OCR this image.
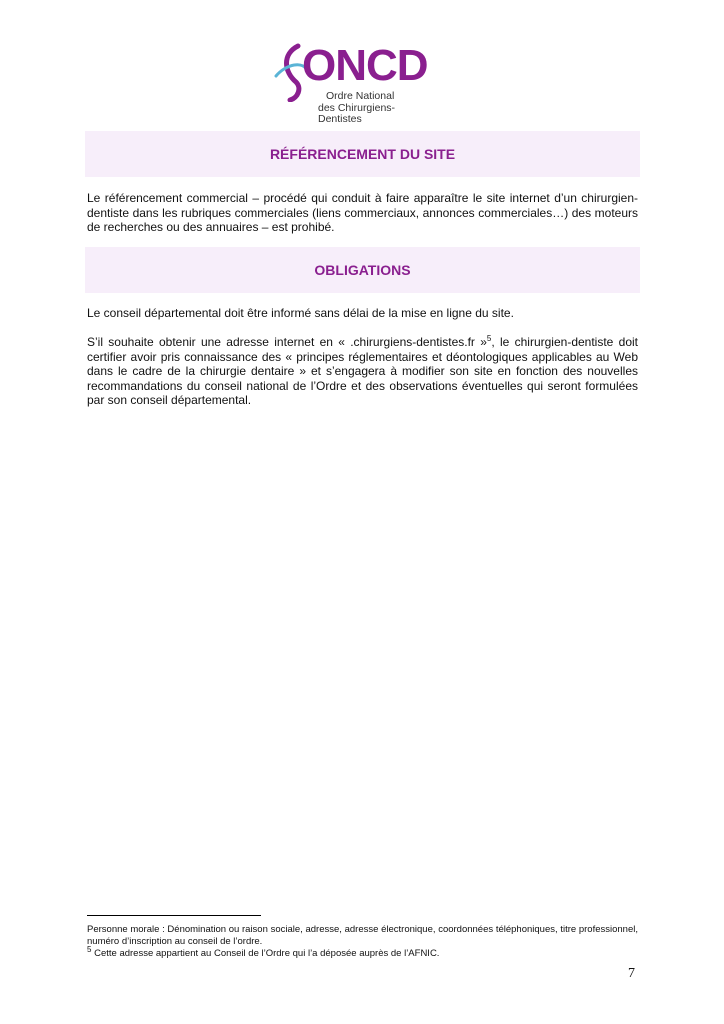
ONCD
Ordre National
des Chirurgiens-Dentistes
RÉFÉRENCEMENT DU SITE

Le référencement commercial – procédé qui conduit à faire apparaître le site internet d’un chirurgien-dentiste dans les rubriques commerciales (liens commerciaux, annonces commerciales…) des moteurs de recherches ou des annuaires – est prohibé.

OBLIGATIONS

Le conseil départemental doit être informé sans délai de la mise en ligne du site.

S’il souhaite obtenir une adresse internet en « .chirurgiens-dentistes.fr »$^5$, le chirurgien-dentiste doit certifier avoir pris connaissance des « principes réglementaires et déontologiques applicables au Web dans le cadre de la chirurgie dentaire » et s’engagera à modifier son site en fonction des nouvelles recommandations du conseil national de l’Ordre et des observations éventuelles qui seront formulées par son conseil départemental.

Personne morale : Dénomination ou raison sociale, adresse, adresse électronique, coordonnées téléphoniques, titre professionnel, numéro d’inscription au conseil de l’ordre.

$^5$ Cette adresse appartient au Conseil de l’Ordre qui l’a déposée auprès de l’AFNIC.

7
